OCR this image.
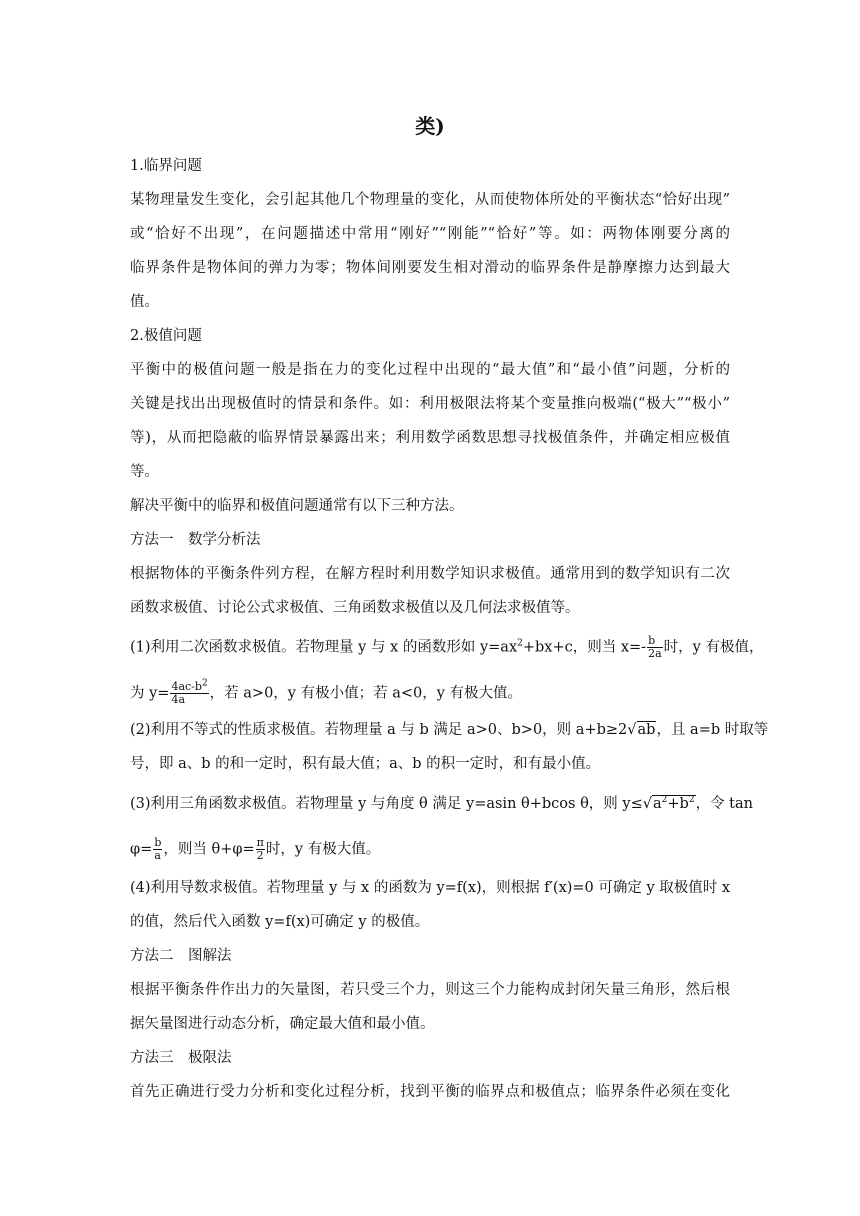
类)
1.临界问题
某物理量发生变化，会引起其他几个物理量的变化，从而使物体所处的平衡状态“恰好出现”
或“恰好不出现”，在问题描述中常用“刚好”“刚能”“恰好”等。如：两物体刚要分离的
临界条件是物体间的弹力为零；物体间刚要发生相对滑动的临界条件是静摩擦力达到最大
值。
2.极值问题
平衡中的极值问题一般是指在力的变化过程中出现的“最大值”和“最小值”问题，分析的
关键是找出出现极值时的情景和条件。如：利用极限法将某个变量推向极端(“极大”“极小”
等)，从而把隐蔽的临界情景暴露出来；利用数学函数思想寻找极值条件，并确定相应极值
等。
解决平衡中的临界和极值问题通常有以下三种方法。
方法一　数学分析法
根据物体的平衡条件列方程，在解方程时利用数学知识求极值。通常用到的数学知识有二次
函数求极值、讨论公式求极值、三角函数求极值以及几何法求极值等。
(1)利用二次函数求极值。若物理量 y 与 x 的函数形如 $y=ax^2+bx+c$，则当 $x=- \frac{b}{2a}$ 时，y 有极值，
为 $y= \frac{4ac-b^2}{4a}$ ，若 a>0，y 有极小值；若 a<0，y 有极大值。
(2)利用不等式的性质求极值。若物理量 a 与 b 满足 a>0、b>0，则 a+b≥2√ab，且 a=b 时取等
号，即 a、b 的和一定时，积有最大值；a、b 的积一定时，和有最小值。
(3)利用三角函数求极值。若物理量 y 与角度 θ 满足 y=asin θ+bcos θ，则 $y\le√a^2+b^2$，令 tan
$\varphi= \frac{b}{a}$ ，则当 $\theta+\varphi= \frac{\pi}{2}$ 时，y 有极大值。
(4)利用导数求极值。若物理量 y 与 x 的函数为 y=f(x)，则根据 f′(x)=0 可确定 y 取极值时 x
的值，然后代入函数 y=f(x)可确定 y 的极值。
方法二　图解法
根据平衡条件作出力的矢量图，若只受三个力，则这三个力能构成封闭矢量三角形，然后根
据矢量图进行动态分析，确定最大值和最小值。
方法三　极限法
首先正确进行受力分析和变化过程分析，找到平衡的临界点和极值点；临界条件必须在变化
